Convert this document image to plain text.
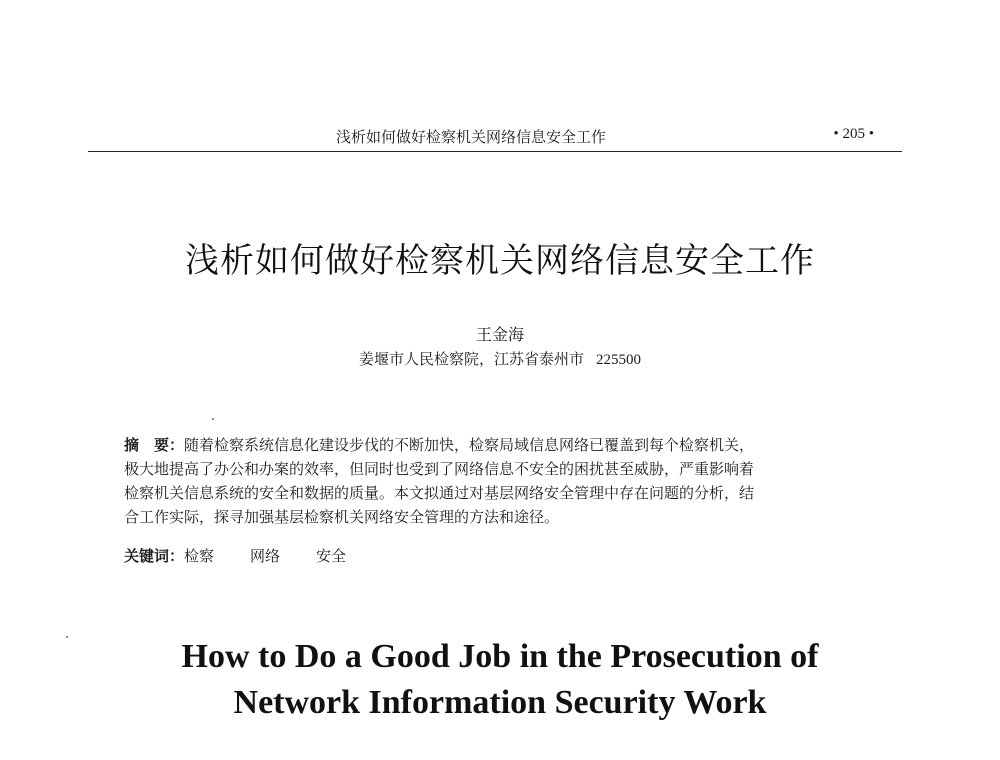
浅析如何做好检察机关网络信息安全工作	• 205 •
浅析如何做好检察机关网络信息安全工作
王金海
姜堰市人民检察院，江苏省泰州市 225500
摘　要：随着检察系统信息化建设步伐的不断加快，检察局域信息网络已覆盖到每个检察机关，
极大地提高了办公和办案的效率，但同时也受到了网络信息不安全的困扰甚至威胁，严重影响着
检察机关信息系统的安全和数据的质量。本文拟通过对基层网络安全管理中存在问题的分析，结
合工作实际，探寻加强基层检察机关网络安全管理的方法和途径。
关键词：检察 网络 安全
How to Do a Good Job in the Prosecution of
Network Information Security Work
